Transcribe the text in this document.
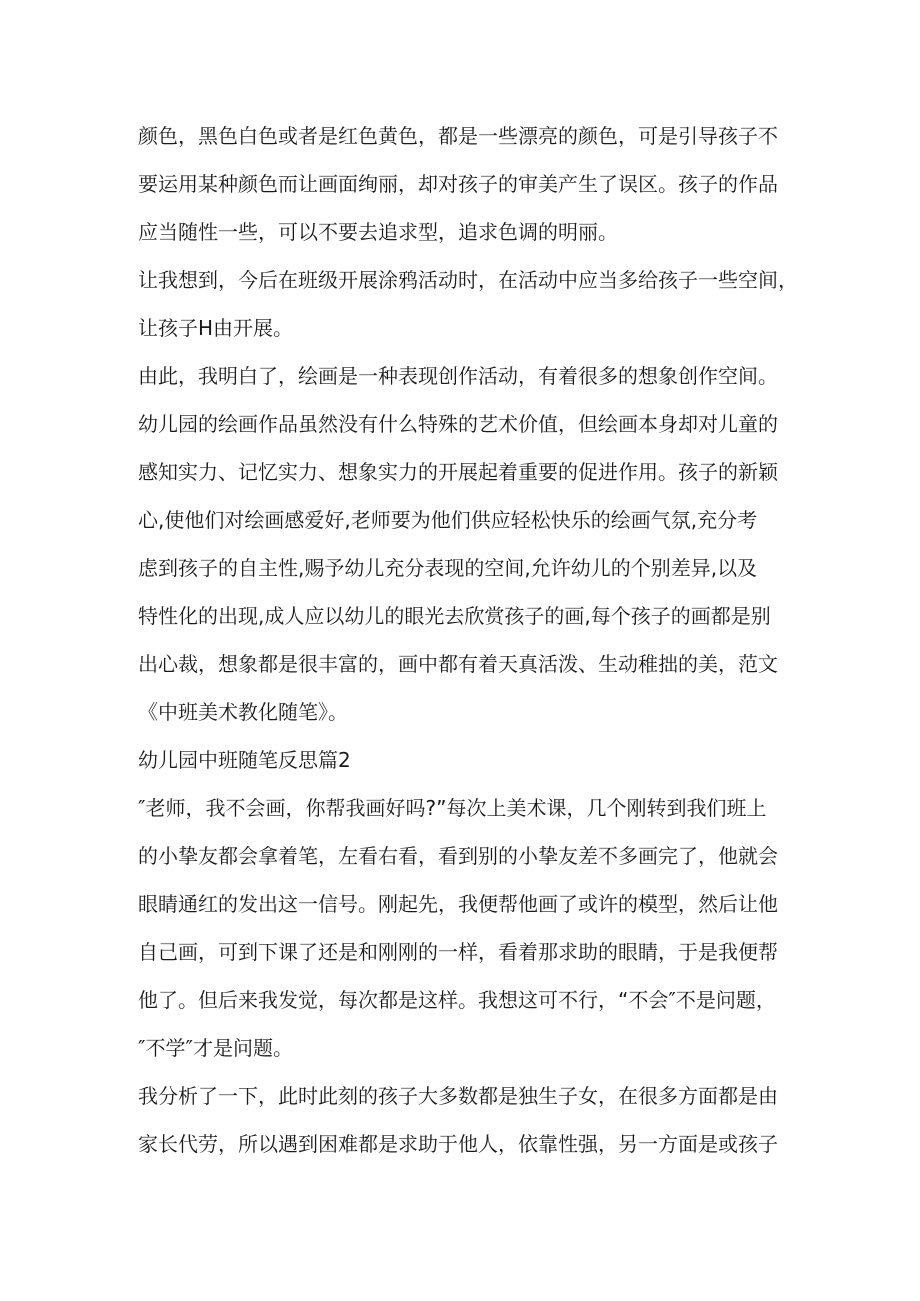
颜色，黑色白色或者是红色黄色，都是一些漂亮的颜色，可是引导孩子不
要运用某种颜色而让画面绚丽，却对孩子的审美产生了误区。孩子的作品
应当随性一些，可以不要去追求型，追求色调的明丽。
让我想到，今后在班级开展涂鸦活动时，在活动中应当多给孩子一些空间，
让孩子H由开展。
由此，我明白了，绘画是一种表现创作活动，有着很多的想象创作空间。
幼儿园的绘画作品虽然没有什么特殊的艺术价值，但绘画本身却对儿童的
感知实力、记忆实力、想象实力的开展起着重要的促进作用。孩子的新颖
心,使他们对绘画感爱好,老师要为他们供应轻松快乐的绘画气氛,充分考
虑到孩子的自主性,赐予幼儿充分表现的空间,允许幼儿的个别差异,以及
特性化的出现,成人应以幼儿的眼光去欣赏孩子的画,每个孩子的画都是别
出心裁，想象都是很丰富的，画中都有着天真活泼、生动稚拙的美，范文
《中班美术教化随笔》。
幼儿园中班随笔反思篇2
″老师，我不会画，你帮我画好吗?”每次上美术课，几个刚转到我们班上
的小挚友都会拿着笔，左看右看，看到别的小挚友差不多画完了，他就会
眼睛通红的发出这一信号。刚起先，我便帮他画了或许的模型，然后让他
自己画，可到下课了还是和刚刚的一样，看着那求助的眼睛，于是我便帮
他了。但后来我发觉，每次都是这样。我想这可不行，“不会″不是问题，
″不学″才是问题。
我分析了一下，此时此刻的孩子大多数都是独生子女，在很多方面都是由
家长代劳，所以遇到困难都是求助于他人，依靠性强，另一方面是或孩子
